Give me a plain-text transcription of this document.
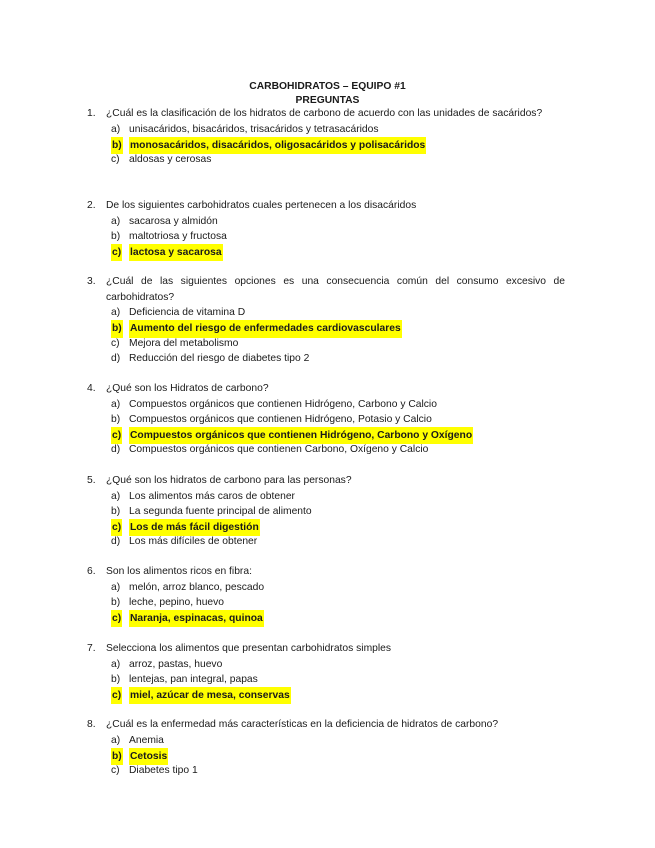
CARBOHIDRATOS – EQUIPO #1
PREGUNTAS
1.	¿Cuál es la clasificación de los hidratos de carbono de acuerdo con las unidades de sacáridos?
a) unisacáridos, bisacáridos, trisacáridos y tetrasacáridos
b) monosacáridos, disacáridos, oligosacáridos y polisacáridos
c) aldosas y cerosas
2.	De los siguientes carbohidratos cuales pertenecen a los disacáridos
a) sacarosa y almidón
b) maltotriosa y fructosa
c) lactosa y sacarosa
3.	¿Cuál de las siguientes opciones es una consecuencia común del consumo excesivo de carbohidratos?
a) Deficiencia de vitamina D
b) Aumento del riesgo de enfermedades cardiovasculares
c) Mejora del metabolismo
d) Reducción del riesgo de diabetes tipo 2
4.	¿Qué son los Hidratos de carbono?
a) Compuestos orgánicos que contienen Hidrógeno, Carbono y Calcio
b) Compuestos orgánicos que contienen Hidrógeno, Potasio y Calcio
c) Compuestos orgánicos que contienen Hidrógeno, Carbono y Oxígeno
d) Compuestos orgánicos que contienen Carbono, Oxígeno y Calcio
5.	¿Qué son los hidratos de carbono para las personas?
a) Los alimentos más caros de obtener
b) La segunda fuente principal de alimento
c) Los de más fácil digestión
d) Los más difíciles de obtener
6.	Son los alimentos ricos en fibra:
a) melón, arroz blanco, pescado
b) leche, pepino, huevo
c) Naranja, espinacas, quinoa
7.	Selecciona los alimentos que presentan carbohidratos simples
a) arroz, pastas, huevo
b) lentejas, pan integral, papas
c) miel, azúcar de mesa, conservas
8.	¿Cuál es la enfermedad más características en la deficiencia de hidratos de carbono?
a) Anemia
b) Cetosis
c) Diabetes tipo 1
